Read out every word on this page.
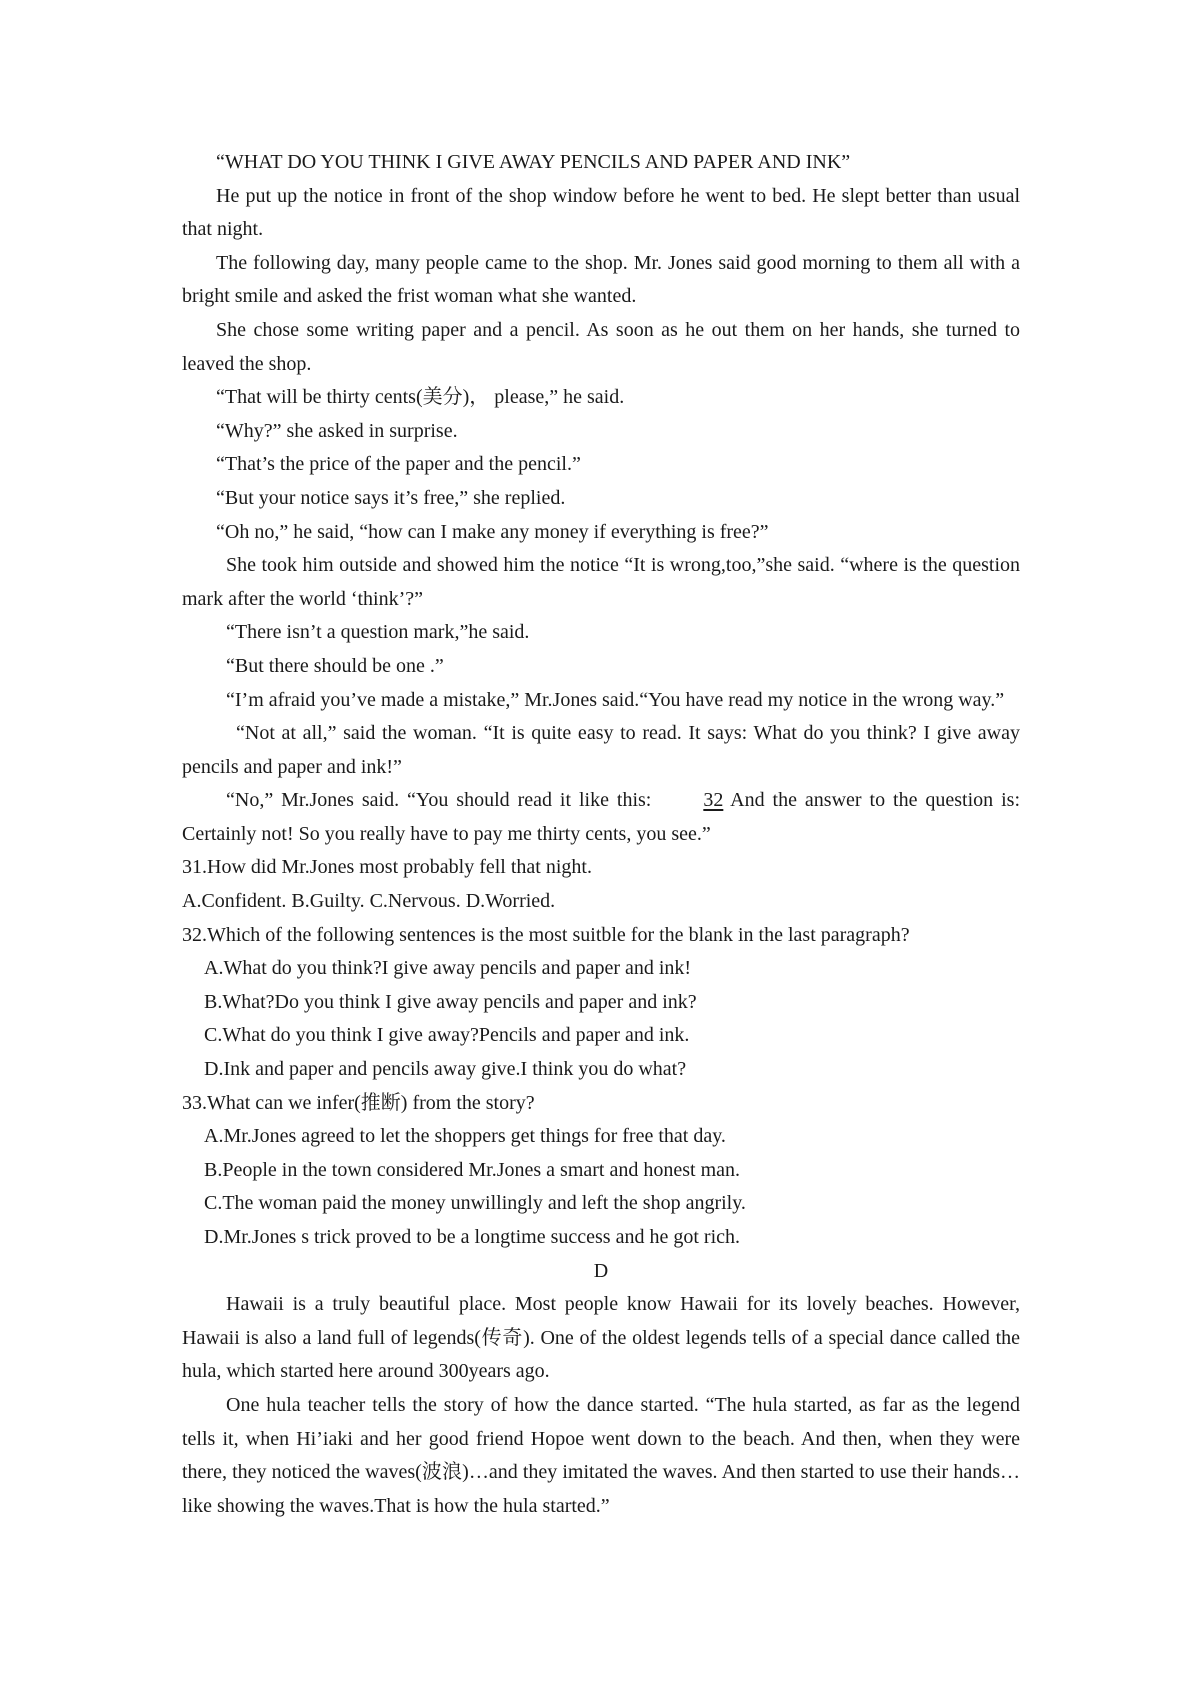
“WHAT DO YOU THINK I GIVE AWAY PENCILS AND PAPER AND INK”

He put up the notice in front of the shop window before he went to bed. He slept better than usual that night.

The following day, many people came to the shop. Mr. Jones said good morning to them all with a bright smile and asked the frist woman what she wanted.

She chose some writing paper and a pencil. As soon as he out them on her hands, she turned to leaved the shop.

“That will be thirty cents(美分)， please,” he said.

“Why?” she asked in surprise.

“That’s the price of the paper and the pencil.”

“But your notice says it’s free,” she replied.

“Oh no,” he said, “how can I make any money if everything is free?”

She took him outside and showed him the notice “It is wrong,too,”she said. “where is the question mark after the world ‘think’?”

“There isn’t a question mark,”he said.

“But there should be one .”

“I’m afraid you’ve made a mistake,” Mr.Jones said.“You have read my notice in the wrong way.”

“Not at all,” said the woman. “It is quite easy to read. It says: What do you think? I give away pencils and paper and ink!”

“No,” Mr.Jones said. “You should read it like this:	32 And the answer to the question is: Certainly not! So you really have to pay me thirty cents, you see.”

31.How did Mr.Jones most probably fell that night.

A.Confident. B.Guilty. C.Nervous. D.Worried.

32.Which of the following sentences is the most suitble for the blank in the last paragraph?

A.What do you think?I give away pencils and paper and ink!

B.What?Do you think I give away pencils and paper and ink?

C.What do you think I give away?Pencils and paper and ink.

D.Ink and paper and pencils away give.I think you do what?

33.What can we infer(推断) from the story?

A.Mr.Jones agreed to let the shoppers get things for free that day.

B.People in the town considered Mr.Jones a smart and honest man.

C.The woman paid the money unwillingly and left the shop angrily.

D.Mr.Jones s trick proved to be a longtime success and he got rich.

D

Hawaii is a truly beautiful place. Most people know Hawaii for its lovely beaches. However, Hawaii is also a land full of legends(传奇). One of the oldest legends tells of a special dance called the hula, which started here around 300years ago.

One hula teacher tells the story of how the dance started. “The hula started, as far as the legend tells it, when Hi’iaki and her good friend Hopoe went down to the beach. And then, when they were there, they noticed the waves(波浪)…and they imitated the waves. And then started to use their hands…like showing the waves.That is how the hula started.”
